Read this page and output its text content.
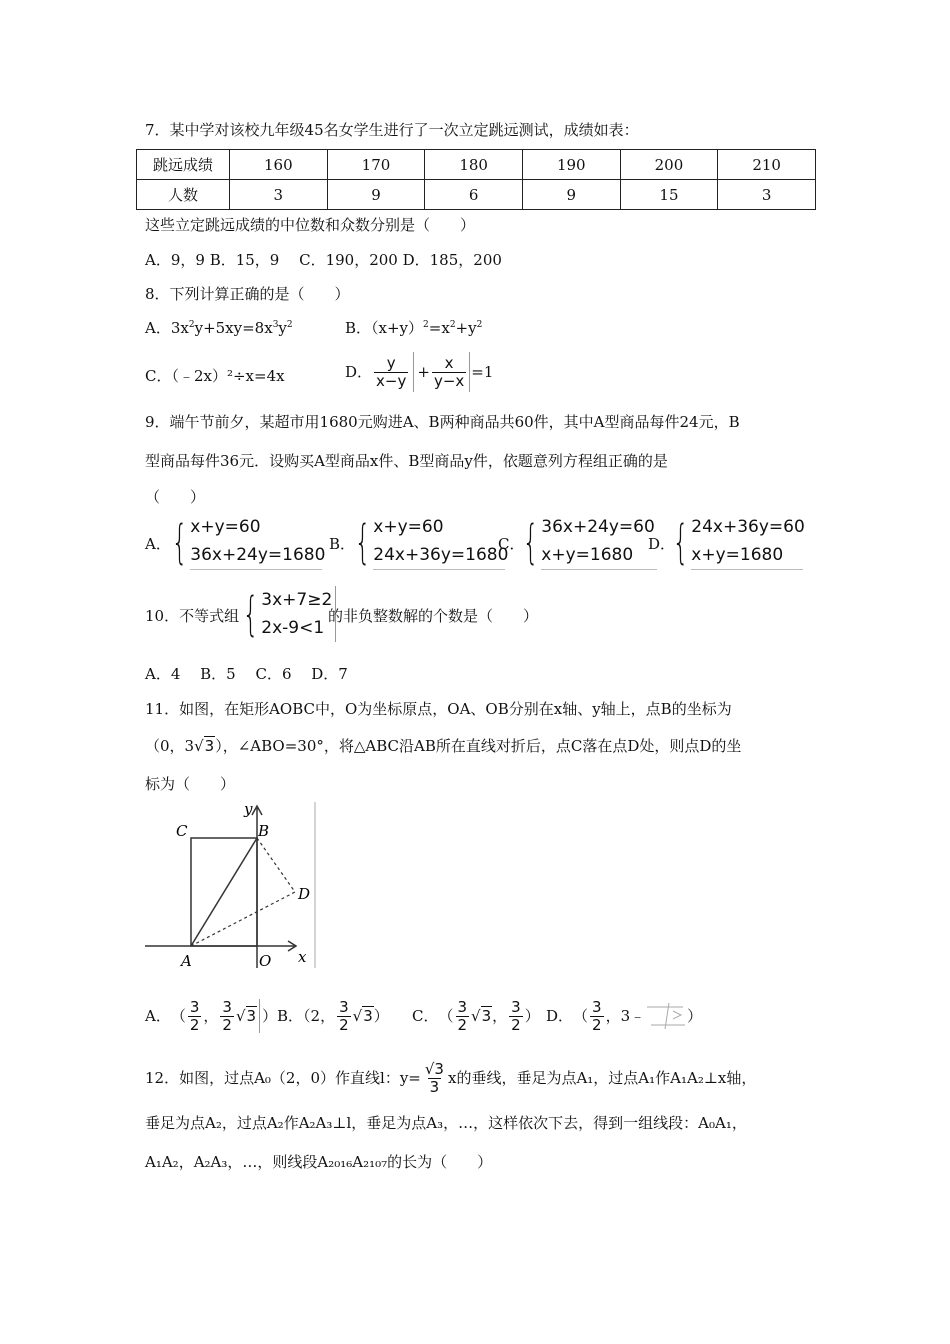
7．某中学对该校九年级45名女学生进行了一次立定跳远测试，成绩如表：
跳远成绩	160	170	180	190	200	210
人数	3	9	6	9	15	3
这些立定跳远成绩的中位数和众数分别是（　　）
A．9，9 B．15，9　 C．190，200 D．185，200
8．下列计算正确的是（　　）
A．$3x^2y+5xy=8x^3y^2$	B．$(x+y)^2=x^2+y^2$
C．（﹣2x）²÷x=4x	D． $\frac{y}{x-y} + \frac{x}{y-x} =1$
9．端午节前夕，某超市用1680元购进A、B两种商品共60件，其中A型商品每件24元，B
型商品每件36元．设购买A型商品x件、B型商品y件，依题意列方程组正确的是
（　　）
A． { x+y=60
36x+24y=1680
B． { x+y=60
24x+36y=1680
C．
{ 36x+24y=60
x+y=1680
D．
{ 24x+36y=60
x+y=1680
10．不等式组 { 3x+7≥2
2x-9<1
的非负整数解的个数是（　　）
A．4　 B．5　 C．6　 D．7
11．如图，在矩形AOBC中，O为坐标原点，OA、OB分别在x轴、y轴上，点B的坐标为
（0，3 √3 ），∠ABO=30°，将△ABC沿AB所在直线对折后，点C落在点D处，则点D的坐
标为（　　）
C	B
y
D
A	O x
A． （ $\frac{3}{2}$ ， $\frac{3}{2} √3$ ） B．（2， $\frac{3}{2} √3$ ） C． （ $\frac{3}{2} √3$ ， $\frac{3}{2}$ ） D． （ $\frac{3}{2}$ ，3﹣	）
12．如图，过点A₀（2，0）作直线l：$y= \frac{√3}{3}$ x的垂线，垂足为点A₁，过点A₁作A₁A₂⊥x轴，
垂足为点A₂，过点A₂作A₂A₃⊥l，垂足为点A₃，…，这样依次下去，得到一组线段：A₀A₁，
A₁A₂，A₂A₃，…，则线段A₂₀₁₆A₂₁₀₇的长为（　　）
